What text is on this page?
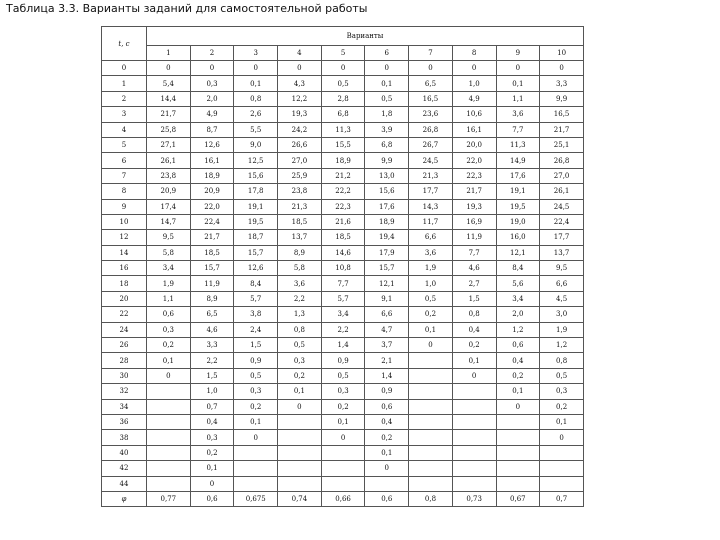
Таблица 3.3. Варианты заданий для самостоятельной работы
t, с	Варианты									
	1	2	3	4	5	6	7	8	9	10
0	0	0	0	0	0	0	0	0	0	0
1	5,4	0,3	0,1	4,3	0,5	0,1	6,5	1,0	0,1	3,3
2	14,4	2,0	0,8	12,2	2,8	0,5	16,5	4,9	1,1	9,9
3	21,7	4,9	2,6	19,3	6,8	1,8	23,6	10,6	3,6	16,5
4	25,8	8,7	5,5	24,2	11,3	3,9	26,8	16,1	7,7	21,7
5	27,1	12,6	9,0	26,6	15,5	6,8	26,7	20,0	11,3	25,1
6	26,1	16,1	12,5	27,0	18,9	9,9	24,5	22,0	14,9	26,8
7	23,8	18,9	15,6	25,9	21,2	13,0	21,3	22,3	17,6	27,0
8	20,9	20,9	17,8	23,8	22,2	15,6	17,7	21,7	19,1	26,1
9	17,4	22,0	19,1	21,3	22,3	17,6	14,3	19,3	19,5	24,5
10	14,7	22,4	19,5	18,5	21,6	18,9	11,7	16,9	19,0	22,4
12	9,5	21,7	18,7	13,7	18,5	19,4	6,6	11,9	16,0	17,7
14	5,8	18,5	15,7	8,9	14,6	17,9	3,6	7,7	12,1	13,7
16	3,4	15,7	12,6	5,8	10,8	15,7	1,9	4,6	8,4	9,5
18	1,9	11,9	8,4	3,6	7,7	12,1	1,0	2,7	5,6	6,6
20	1,1	8,9	5,7	2,2	5,7	9,1	0,5	1,5	3,4	4,5
22	0,6	6,5	3,8	1,3	3,4	6,6	0,2	0,8	2,0	3,0
24	0,3	4,6	2,4	0,8	2,2	4,7	0,1	0,4	1,2	1,9
26	0,2	3,3	1,5	0,5	1,4	3,7	0	0,2	0,6	1,2
28	0,1	2,2	0,9	0,3	0,9	2,1		0,1	0,4	0,8
30	0	1,5	0,5	0,2	0,5	1,4		0	0,2	0,5
32		1,0	0,3	0,1	0,3	0,9			0,1	0,3
34		0,7	0,2	0	0,2	0,6			0	0,2
36		0,4	0,1		0,1	0,4				0,1
38		0,3	0		0	0,2				0
40		0,2				0,1				
42		0,1				0				
44		0								
φ	0,77	0,6	0,675	0,74	0,66	0,6	0,8	0,73	0,67	0,7
